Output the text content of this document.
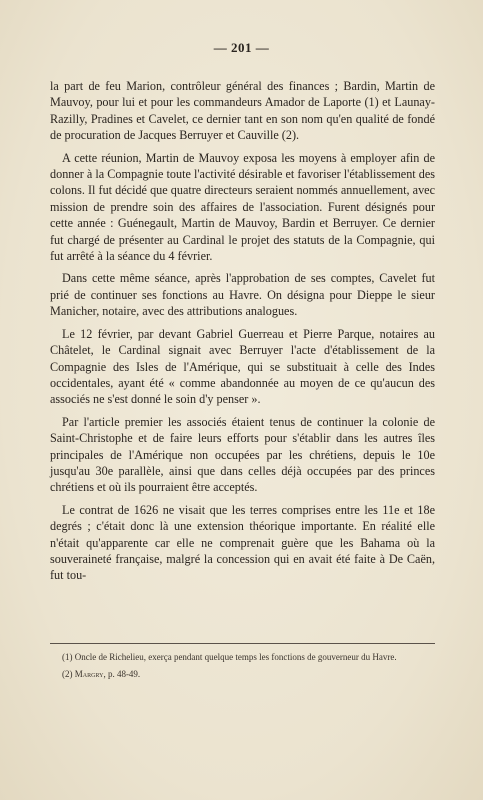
— 201 —

la part de feu Marion, contrôleur général des finances ; Bardin, Martin de Mauvoy, pour lui et pour les commandeurs Amador de Laporte (1) et Launay-Razilly, Pradines et Cavelet, ce dernier tant en son nom qu'en qualité de fondé de procuration de Jacques Berruyer et Cauville (2).

A cette réunion, Martin de Mauvoy exposa les moyens à employer afin de donner à la Compagnie toute l'activité désirable et favoriser l'établissement des colons. Il fut décidé que quatre directeurs seraient nommés annuellement, avec mission de prendre soin des affaires de l'association. Furent désignés pour cette année : Guénegault, Martin de Mauvoy, Bardin et Berruyer. Ce dernier fut chargé de présenter au Cardinal le projet des statuts de la Compagnie, qui fut arrêté à la séance du 4 février.

Dans cette même séance, après l'approbation de ses comptes, Cavelet fut prié de continuer ses fonctions au Havre. On désigna pour Dieppe le sieur Manicher, notaire, avec des attributions analogues.

Le 12 février, par devant Gabriel Guerreau et Pierre Parque, notaires au Châtelet, le Cardinal signait avec Berruyer l'acte d'établissement de la Compagnie des Isles de l'Amérique, qui se substituait à celle des Indes occidentales, ayant été « comme abandonnée au moyen de ce qu'aucun des associés ne s'est donné le soin d'y penser ».

Par l'article premier les associés étaient tenus de continuer la colonie de Saint-Christophe et de faire leurs efforts pour s'établir dans les autres îles principales de l'Amérique non occupées par les chrétiens, depuis le 10e jusqu'au 30e parallèle, ainsi que dans celles déjà occupées par des princes chrétiens et où ils pourraient être acceptés.

Le contrat de 1626 ne visait que les terres comprises entre les 11e et 18e degrés ; c'était donc là une extension théorique importante. En réalité elle n'était qu'apparente car elle ne comprenait guère que les Bahama où la souveraineté française, malgré la concession qui en avait été faite à De Caën, fut tou-

(1) Oncle de Richelieu, exerça pendant quelque temps les fonctions de gouverneur du Havre.

(2) Margry, p. 48-49.
